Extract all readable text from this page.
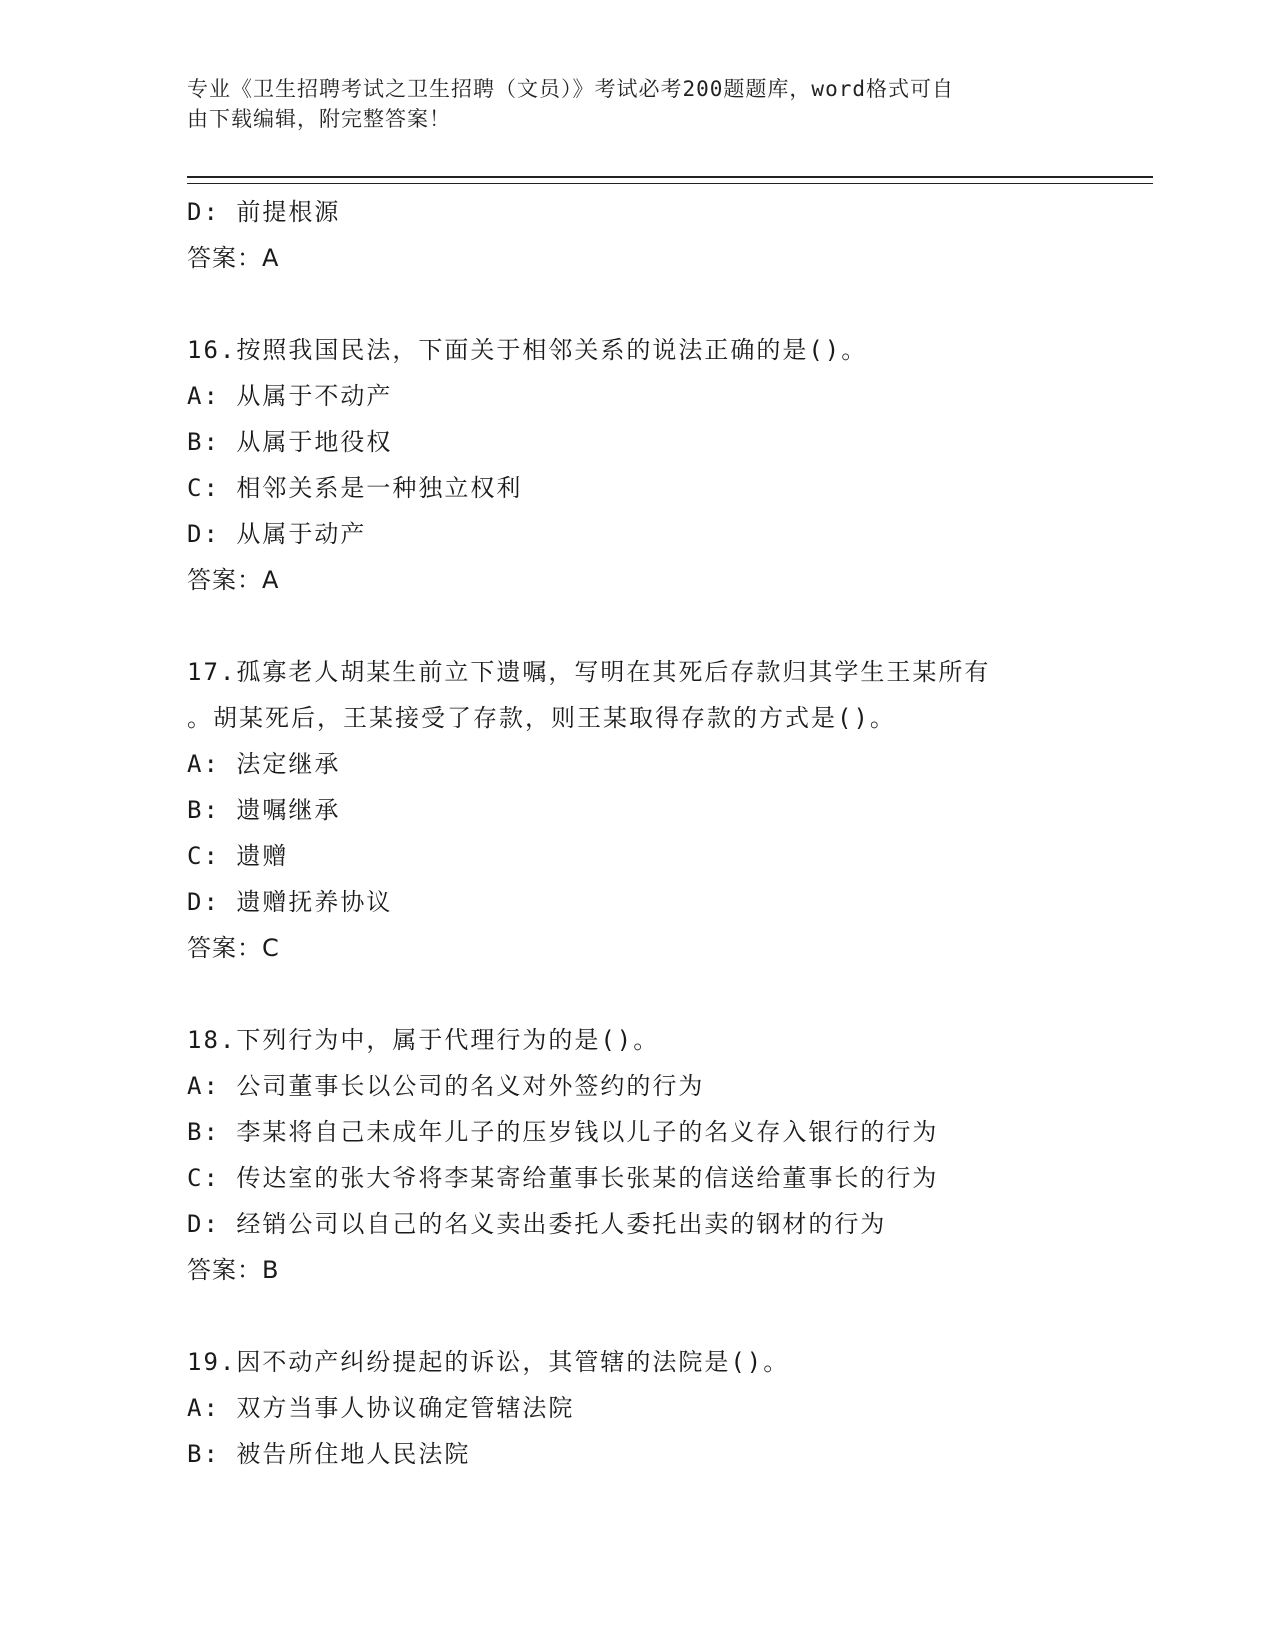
专业《卫生招聘考试之卫生招聘（文员）》考试必考200题题库，word格式可自
由下载编辑，附完整答案！
D: 前提根源
答案：A
16.按照我国民法，下面关于相邻关系的说法正确的是()。
A: 从属于不动产
B: 从属于地役权
C: 相邻关系是一种独立权利
D: 从属于动产
答案：A
17.孤寡老人胡某生前立下遗嘱，写明在其死后存款归其学生王某所有
。胡某死后，王某接受了存款，则王某取得存款的方式是()。
A: 法定继承
B: 遗嘱继承
C: 遗赠
D: 遗赠抚养协议
答案：C
18.下列行为中，属于代理行为的是()。
A: 公司董事长以公司的名义对外签约的行为
B: 李某将自己未成年儿子的压岁钱以儿子的名义存入银行的行为
C: 传达室的张大爷将李某寄给董事长张某的信送给董事长的行为
D: 经销公司以自己的名义卖出委托人委托出卖的钢材的行为
答案：B
19.因不动产纠纷提起的诉讼，其管辖的法院是()。
A: 双方当事人协议确定管辖法院
B: 被告所住地人民法院
